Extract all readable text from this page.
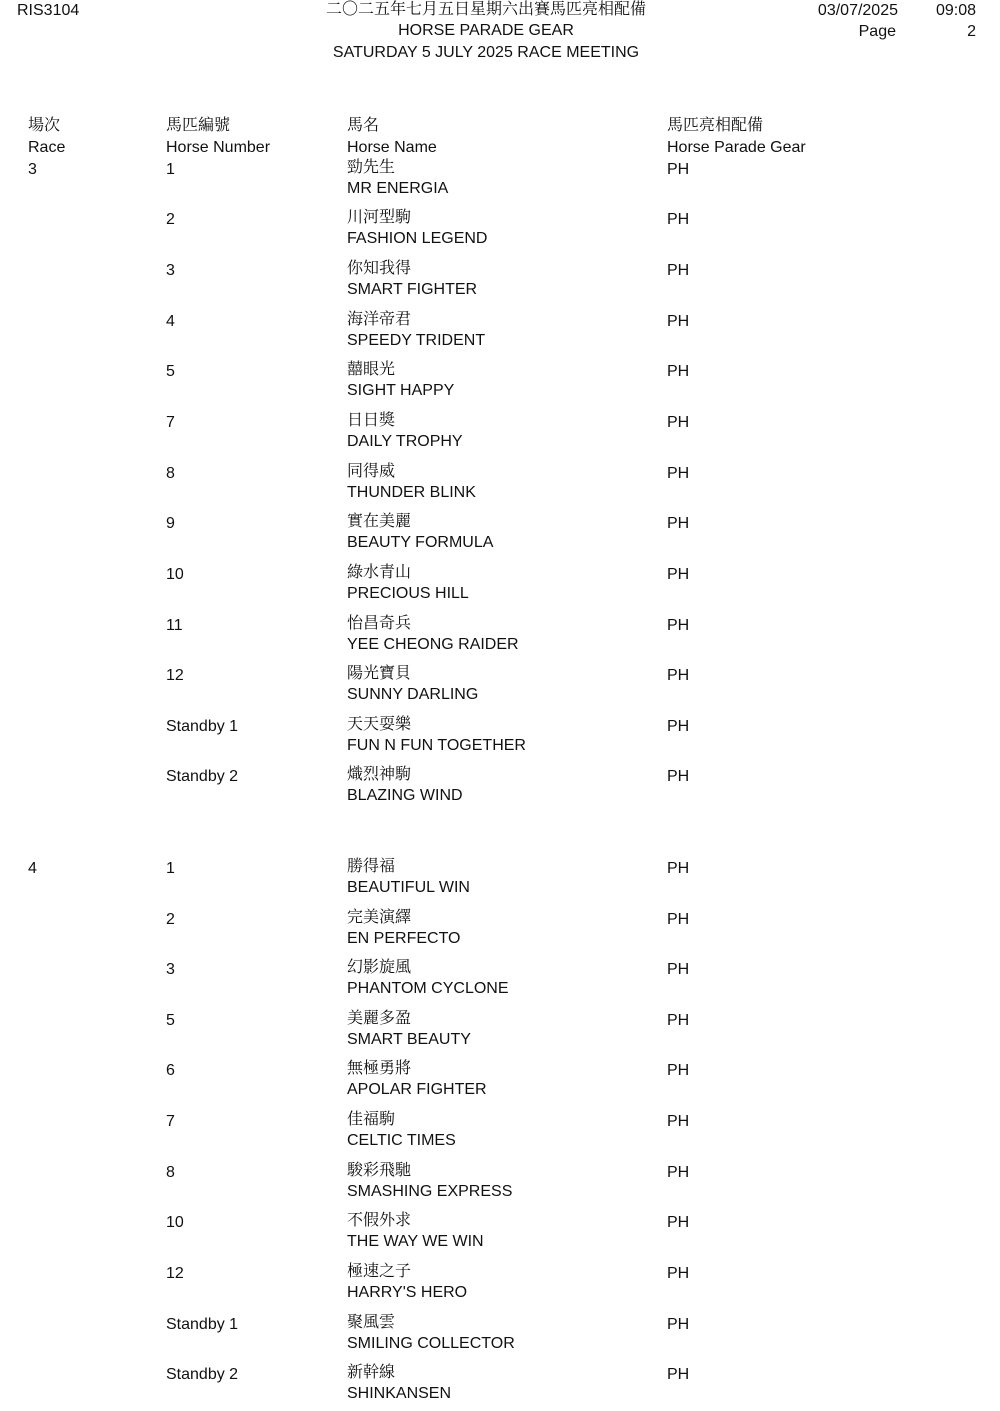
RIS3104	二〇二五年七月五日星期六出賽馬匹亮相配備
HORSE PARADE GEAR
SATURDAY 5 JULY 2025 RACE MEETING
03/07/2025	09:08
Page	2
場次
Race
馬匹編號
Horse Number
馬名
Horse Name
馬匹亮相配備
Horse Parade Gear
3	1	勁先生
MR ENERGIA
PH
2	川河型駒
FASHION LEGEND
PH
3	你知我得
SMART FIGHTER
PH
4	海洋帝君
SPEEDY TRIDENT
PH
5	囍眼光
SIGHT HAPPY
PH
7	日日獎
DAILY TROPHY
PH
8	同得威
THUNDER BLINK
PH
9	實在美麗
BEAUTY FORMULA
PH
10	綠水青山
PRECIOUS HILL
PH
11	怡昌奇兵
YEE CHEONG RAIDER
PH
12	陽光寶貝
SUNNY DARLING
PH
Standby 1	天天耍樂
FUN N FUN TOGETHER
PH
Standby 2	熾烈神駒
BLAZING WIND
PH
4	1	勝得福
BEAUTIFUL WIN
PH
2	完美演繹
EN PERFECTO
PH
3	幻影旋風
PHANTOM CYCLONE
PH
5	美麗多盈
SMART BEAUTY
PH
6	無極勇將
APOLAR FIGHTER
PH
7	佳福駒
CELTIC TIMES
PH
8	駿彩飛馳
SMASHING EXPRESS
PH
10	不假外求
THE WAY WE WIN
PH
12	極速之子
HARRY'S HERO
PH
Standby 1	聚風雲
SMILING COLLECTOR
PH
Standby 2	新幹線
SHINKANSEN
PH
